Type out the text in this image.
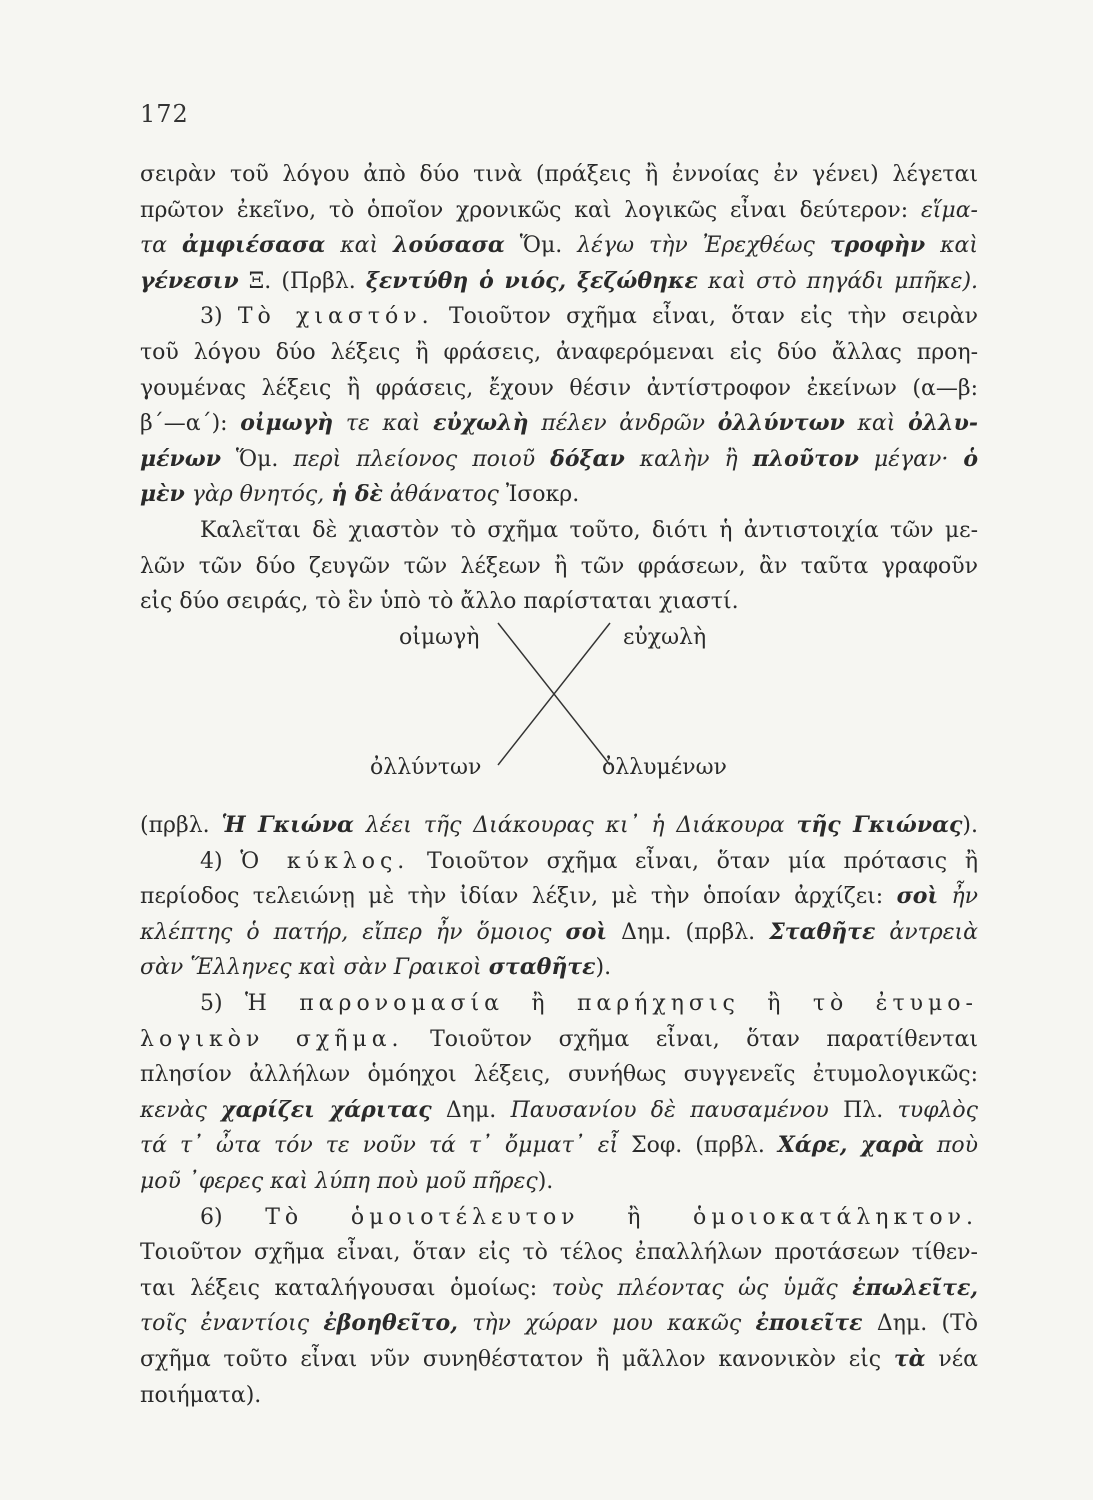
172
σειρὰν τοῦ λόγου ἀπὸ δύο τινὰ (πράξεις ἢ ἐννοίας ἐν γένει) λέγεται
πρῶτον ἐκεῖνο, τὸ ὁποῖον χρονικῶς καὶ λογικῶς εἶναι δεύτερον: εἵμα-
τα ἀμφιέσασα καὶ λούσασα Ὅμ. λέγω τὴν Ἐρεχθέως τροφὴν καὶ
γένεσιν Ξ. (Πρβλ. ξεντύθη ὁ νιός, ξεζώθηκε καὶ στὸ πηγάδι μπῆκε).
3) Τὸ χιαστόν. Τοιοῦτον σχῆμα εἶναι, ὅταν εἰς τὴν σειρὰν
τοῦ λόγου δύο λέξεις ἢ φράσεις, ἀναφερόμεναι εἰς δύο ἄλλας προη-
γουμένας λέξεις ἢ φράσεις, ἔχουν θέσιν ἀντίστροφον ἐκείνων (α—β:
β΄—α΄): οἰμωγὴ τε καὶ εὐχωλὴ πέλεν ἀνδρῶν ὀλλύντων καὶ ὀλλυ-
μένων Ὅμ. περὶ πλείονος ποιοῦ δόξαν καλὴν ἢ πλοῦτον μέγαν· ὁ
μὲν γὰρ θνητός, ἡ δὲ ἀθάνατος Ἰσοκρ.
Καλεῖται δὲ χιαστὸν τὸ σχῆμα τοῦτο, διότι ἡ ἀντιστοιχία τῶν με-
λῶν τῶν δύο ζευγῶν τῶν λέξεων ἢ τῶν φράσεων, ἂν ταῦτα γραφοῦν
εἰς δύο σειράς, τὸ ἓν ὑπὸ τὸ ἄλλο παρίσταται χιαστί.
οἰμωγὴ	εὐχωλὴ
ὀλλύντων	ὀλλυμένων
(πρβλ. Ἡ Γκιώνα λέει τῆς Διάκουρας κι᾿ ἡ Διάκουρα τῆς Γκιώνας).
4) Ὁ κύκλος. Τοιοῦτον σχῆμα εἶναι, ὅταν μία πρότασις ἢ
περίοδος τελειώνῃ μὲ τὴν ἰδίαν λέξιν, μὲ τὴν ὁποίαν ἀρχίζει: σοὶ ἦν
κλέπτης ὁ πατήρ, εἴπερ ἦν ὅμοιος σοὶ Δημ. (πρβλ. Σταθῆτε ἀντρειὰ
σὰν Ἕλληνες καὶ σὰν Γραικοὶ σταθῆτε).
5) Ἡ παρονομασία ἢ παρήχησις ἢ τὸ ἐτυμο-
λογικὸν σχῆμα. Τοιοῦτον σχῆμα εἶναι, ὅταν παρατίθενται
πλησίον ἀλλήλων ὁμόηχοι λέξεις, συνήθως συγγενεῖς ἐτυμολογικῶς:
κενὰς χαρίζει χάριτας Δημ. Παυσανίου δὲ παυσαμένου Πλ. τυφλὸς
τά τ᾿ ὦτα τόν τε νοῦν τά τ᾿ ὄμματ᾿ εἶ Σοφ. (πρβλ. Χάρε, χαρὰ ποὺ
μοῦ ᾿φερες καὶ λύπη ποὺ μοῦ πῆρες).
6) Τὸ ὁμοιοτέλευτον ἢ ὁμοιοκατάληκτον.
Τοιοῦτον σχῆμα εἶναι, ὅταν εἰς τὸ τέλος ἐπαλλήλων προτάσεων τίθεν-
ται λέξεις καταλήγουσαι ὁμοίως: τοὺς πλέοντας ὡς ὑμᾶς ἐπωλεῖτε,
τοῖς ἐναντίοις ἐβοηθεῖτο, τὴν χώραν μου κακῶς ἐποιεῖτε Δημ. (Τὸ
σχῆμα τοῦτο εἶναι νῦν συνηθέστατον ἢ μᾶλλον κανονικὸν εἰς τὰ νέα
ποιήματα).
